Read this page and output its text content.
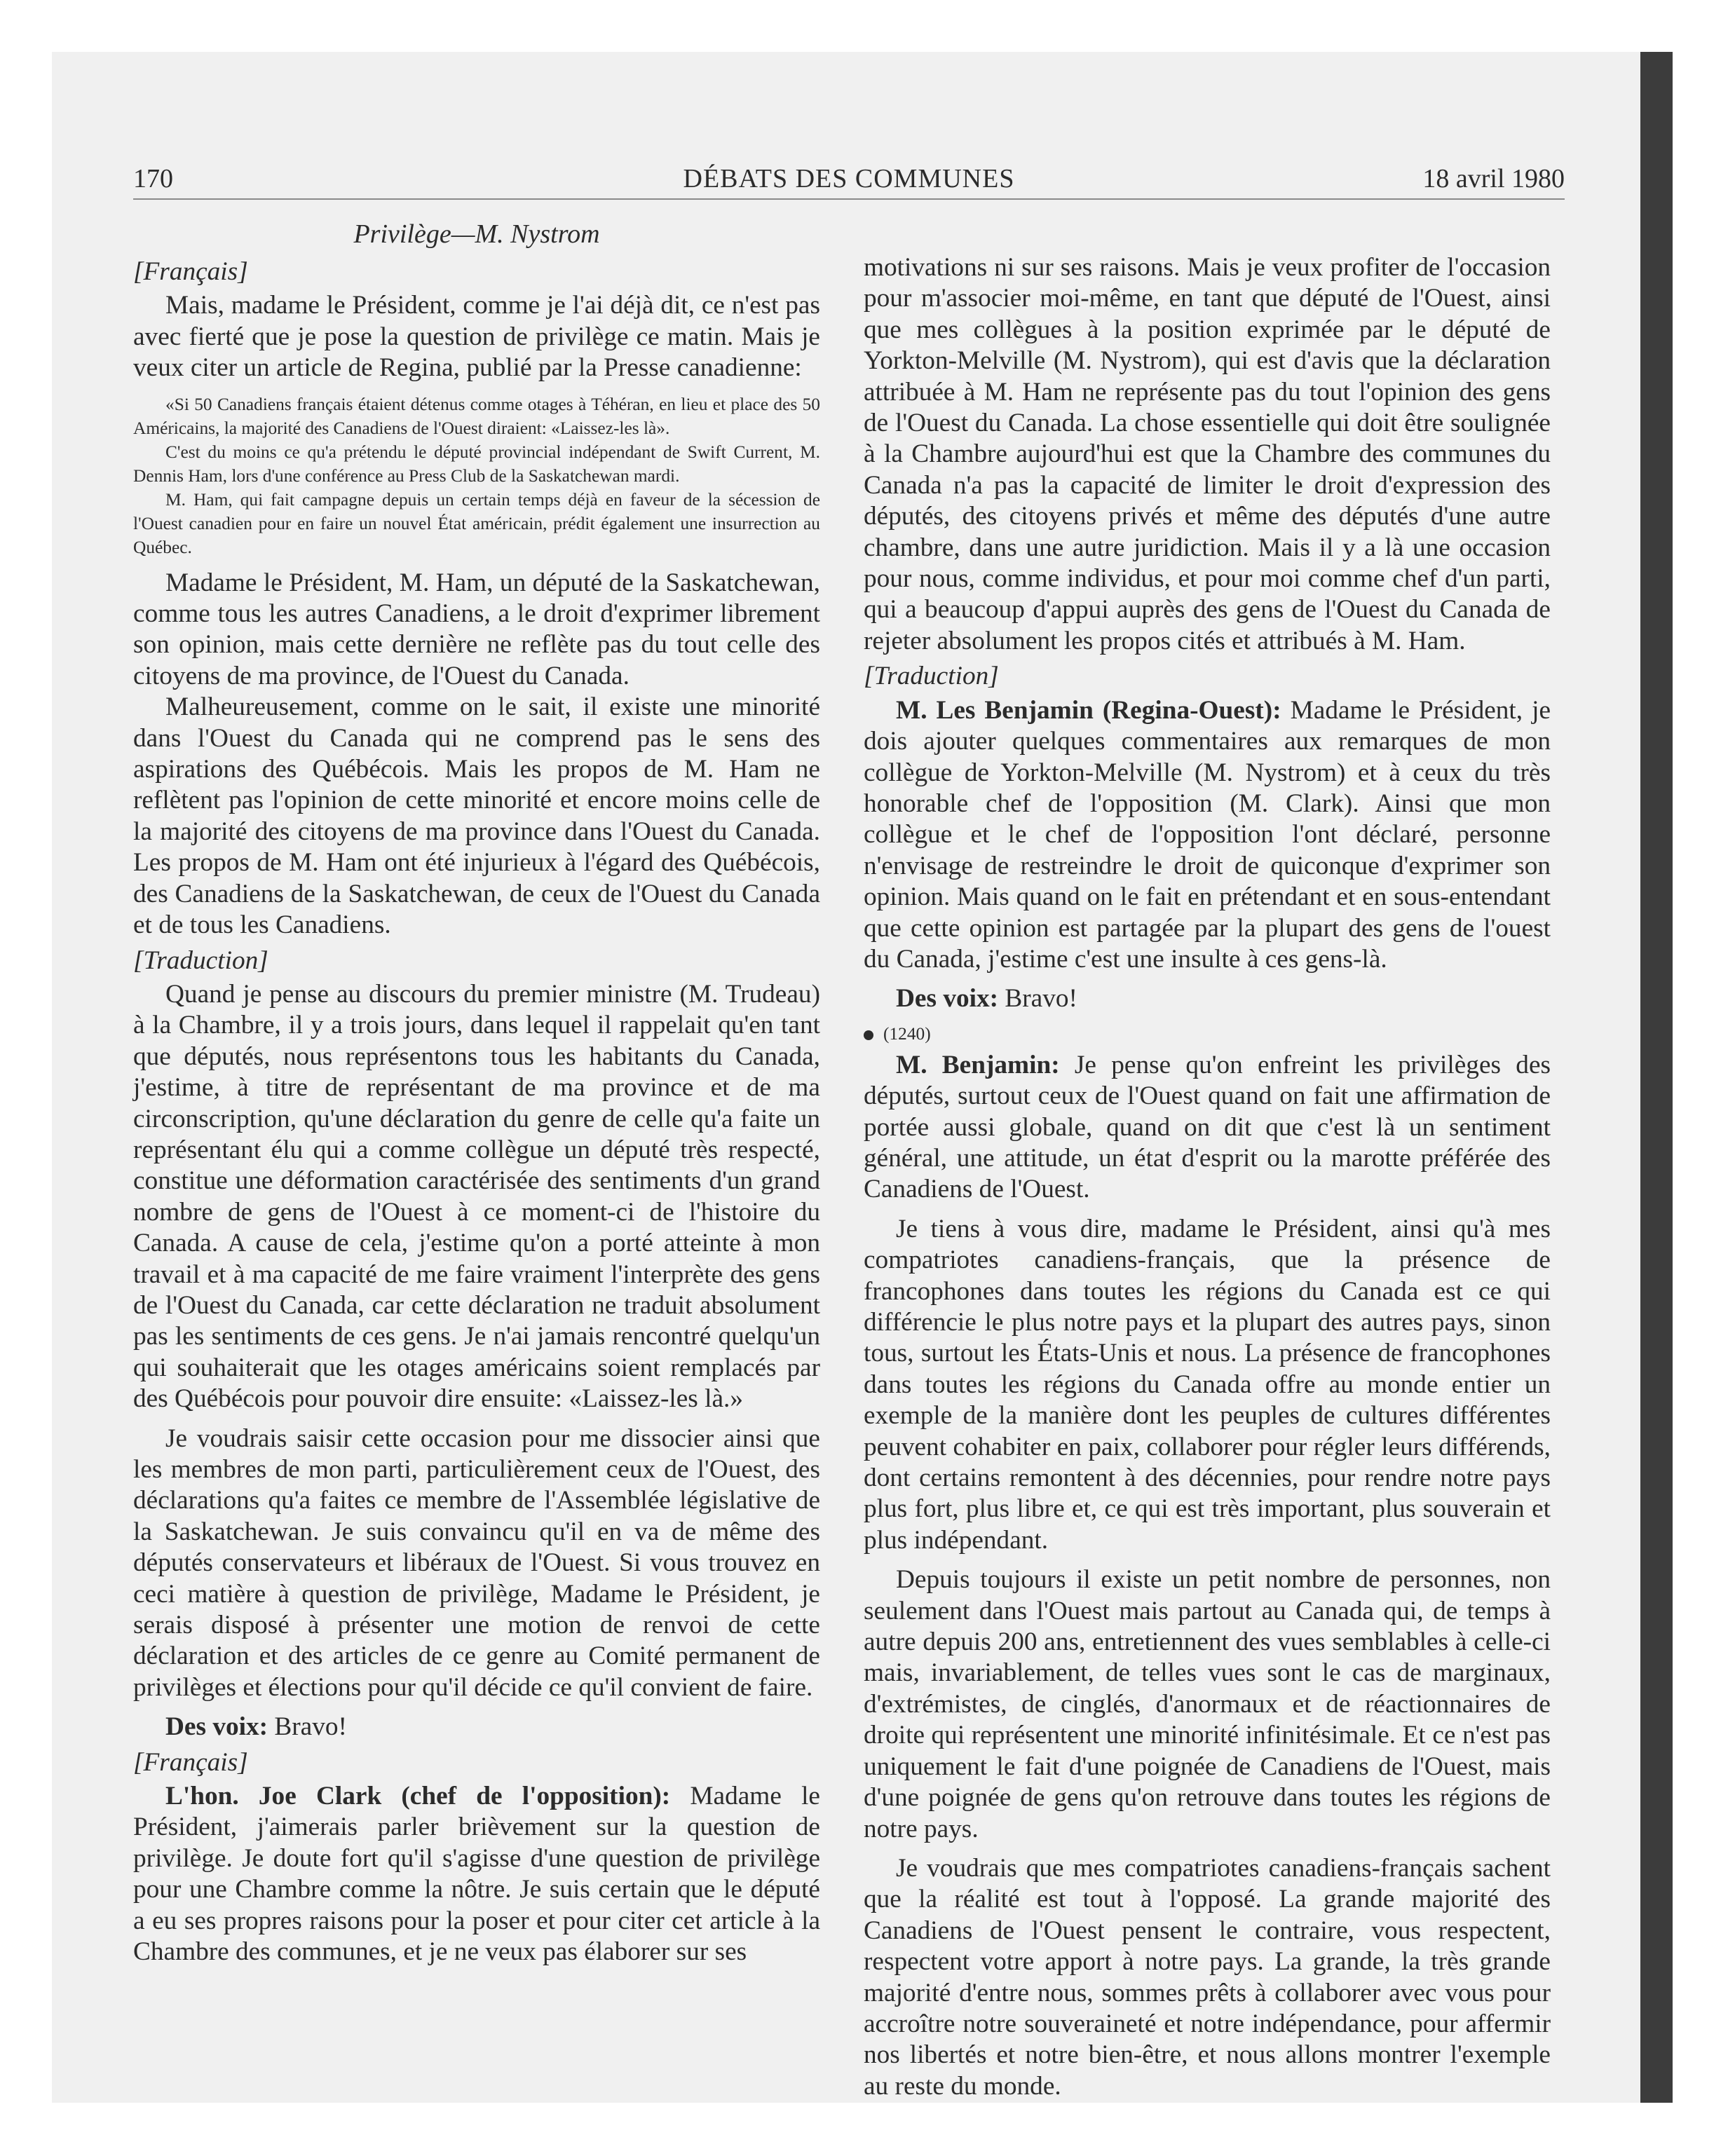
170	DÉBATS DES COMMUNES	18 avril 1980
Privilège—M. Nystrom

[Français]

Mais, madame le Président, comme je l'ai déjà dit, ce n'est pas avec fierté que je pose la question de privilège ce matin. Mais je veux citer un article de Regina, publié par la Presse canadienne:

«Si 50 Canadiens français étaient détenus comme otages à Téhéran, en lieu et place des 50 Américains, la majorité des Canadiens de l'Ouest diraient: «Laissez-les là».

C'est du moins ce qu'a prétendu le député provincial indépendant de Swift Current, M. Dennis Ham, lors d'une conférence au Press Club de la Saskatchewan mardi.

M. Ham, qui fait campagne depuis un certain temps déjà en faveur de la sécession de l'Ouest canadien pour en faire un nouvel État américain, prédit également une insurrection au Québec.

Madame le Président, M. Ham, un député de la Saskatchewan, comme tous les autres Canadiens, a le droit d'exprimer librement son opinion, mais cette dernière ne reflète pas du tout celle des citoyens de ma province, de l'Ouest du Canada.

Malheureusement, comme on le sait, il existe une minorité dans l'Ouest du Canada qui ne comprend pas le sens des aspirations des Québécois. Mais les propos de M. Ham ne reflètent pas l'opinion de cette minorité et encore moins celle de la majorité des citoyens de ma province dans l'Ouest du Canada. Les propos de M. Ham ont été injurieux à l'égard des Québécois, des Canadiens de la Saskatchewan, de ceux de l'Ouest du Canada et de tous les Canadiens.

[Traduction]

Quand je pense au discours du premier ministre (M. Trudeau) à la Chambre, il y a trois jours, dans lequel il rappelait qu'en tant que députés, nous représentons tous les habitants du Canada, j'estime, à titre de représentant de ma province et de ma circonscription, qu'une déclaration du genre de celle qu'a faite un représentant élu qui a comme collègue un député très respecté, constitue une déformation caractérisée des sentiments d'un grand nombre de gens de l'Ouest à ce moment-ci de l'histoire du Canada. A cause de cela, j'estime qu'on a porté atteinte à mon travail et à ma capacité de me faire vraiment l'interprète des gens de l'Ouest du Canada, car cette déclaration ne traduit absolument pas les sentiments de ces gens. Je n'ai jamais rencontré quelqu'un qui souhaiterait que les otages américains soient remplacés par des Québécois pour pouvoir dire ensuite: «Laissez-les là.»

Je voudrais saisir cette occasion pour me dissocier ainsi que les membres de mon parti, particulièrement ceux de l'Ouest, des déclarations qu'a faites ce membre de l'Assemblée législative de la Saskatchewan. Je suis convaincu qu'il en va de même des députés conservateurs et libéraux de l'Ouest. Si vous trouvez en ceci matière à question de privilège, Madame le Président, je serais disposé à présenter une motion de renvoi de cette déclaration et des articles de ce genre au Comité permanent de privilèges et élections pour qu'il décide ce qu'il convient de faire.

Des voix: Bravo!

[Français]

L'hon. Joe Clark (chef de l'opposition): Madame le Président, j'aimerais parler brièvement sur la question de privilège. Je doute fort qu'il s'agisse d'une question de privilège pour une Chambre comme la nôtre. Je suis certain que le député a eu ses propres raisons pour la poser et pour citer cet article à la Chambre des communes, et je ne veux pas élaborer sur ses

motivations ni sur ses raisons. Mais je veux profiter de l'occasion pour m'associer moi-même, en tant que député de l'Ouest, ainsi que mes collègues à la position exprimée par le député de Yorkton-Melville (M. Nystrom), qui est d'avis que la déclaration attribuée à M. Ham ne représente pas du tout l'opinion des gens de l'Ouest du Canada. La chose essentielle qui doit être soulignée à la Chambre aujourd'hui est que la Chambre des communes du Canada n'a pas la capacité de limiter le droit d'expression des députés, des citoyens privés et même des députés d'une autre chambre, dans une autre juridiction. Mais il y a là une occasion pour nous, comme individus, et pour moi comme chef d'un parti, qui a beaucoup d'appui auprès des gens de l'Ouest du Canada de rejeter absolument les propos cités et attribués à M. Ham.

[Traduction]

M. Les Benjamin (Regina-Ouest): Madame le Président, je dois ajouter quelques commentaires aux remarques de mon collègue de Yorkton-Melville (M. Nystrom) et à ceux du très honorable chef de l'opposition (M. Clark). Ainsi que mon collègue et le chef de l'opposition l'ont déclaré, personne n'envisage de restreindre le droit de quiconque d'exprimer son opinion. Mais quand on le fait en prétendant et en sous-entendant que cette opinion est partagée par la plupart des gens de l'ouest du Canada, j'estime c'est une insulte à ces gens-là.

Des voix: Bravo!

(1240)

M. Benjamin: Je pense qu'on enfreint les privilèges des députés, surtout ceux de l'Ouest quand on fait une affirmation de portée aussi globale, quand on dit que c'est là un sentiment général, une attitude, un état d'esprit ou la marotte préférée des Canadiens de l'Ouest.

Je tiens à vous dire, madame le Président, ainsi qu'à mes compatriotes canadiens-français, que la présence de francophones dans toutes les régions du Canada est ce qui différencie le plus notre pays et la plupart des autres pays, sinon tous, surtout les États-Unis et nous. La présence de francophones dans toutes les régions du Canada offre au monde entier un exemple de la manière dont les peuples de cultures différentes peuvent cohabiter en paix, collaborer pour régler leurs différends, dont certains remontent à des décennies, pour rendre notre pays plus fort, plus libre et, ce qui est très important, plus souverain et plus indépendant.

Depuis toujours il existe un petit nombre de personnes, non seulement dans l'Ouest mais partout au Canada qui, de temps à autre depuis 200 ans, entretiennent des vues semblables à celle-ci mais, invariablement, de telles vues sont le cas de marginaux, d'extrémistes, de cinglés, d'anormaux et de réactionnaires de droite qui représentent une minorité infinitésimale. Et ce n'est pas uniquement le fait d'une poignée de Canadiens de l'Ouest, mais d'une poignée de gens qu'on retrouve dans toutes les régions de notre pays.

Je voudrais que mes compatriotes canadiens-français sachent que la réalité est tout à l'opposé. La grande majorité des Canadiens de l'Ouest pensent le contraire, vous respectent, respectent votre apport à notre pays. La grande, la très grande majorité d'entre nous, sommes prêts à collaborer avec vous pour accroître notre souveraineté et notre indépendance, pour affermir nos libertés et notre bien-être, et nous allons montrer l'exemple au reste du monde.
